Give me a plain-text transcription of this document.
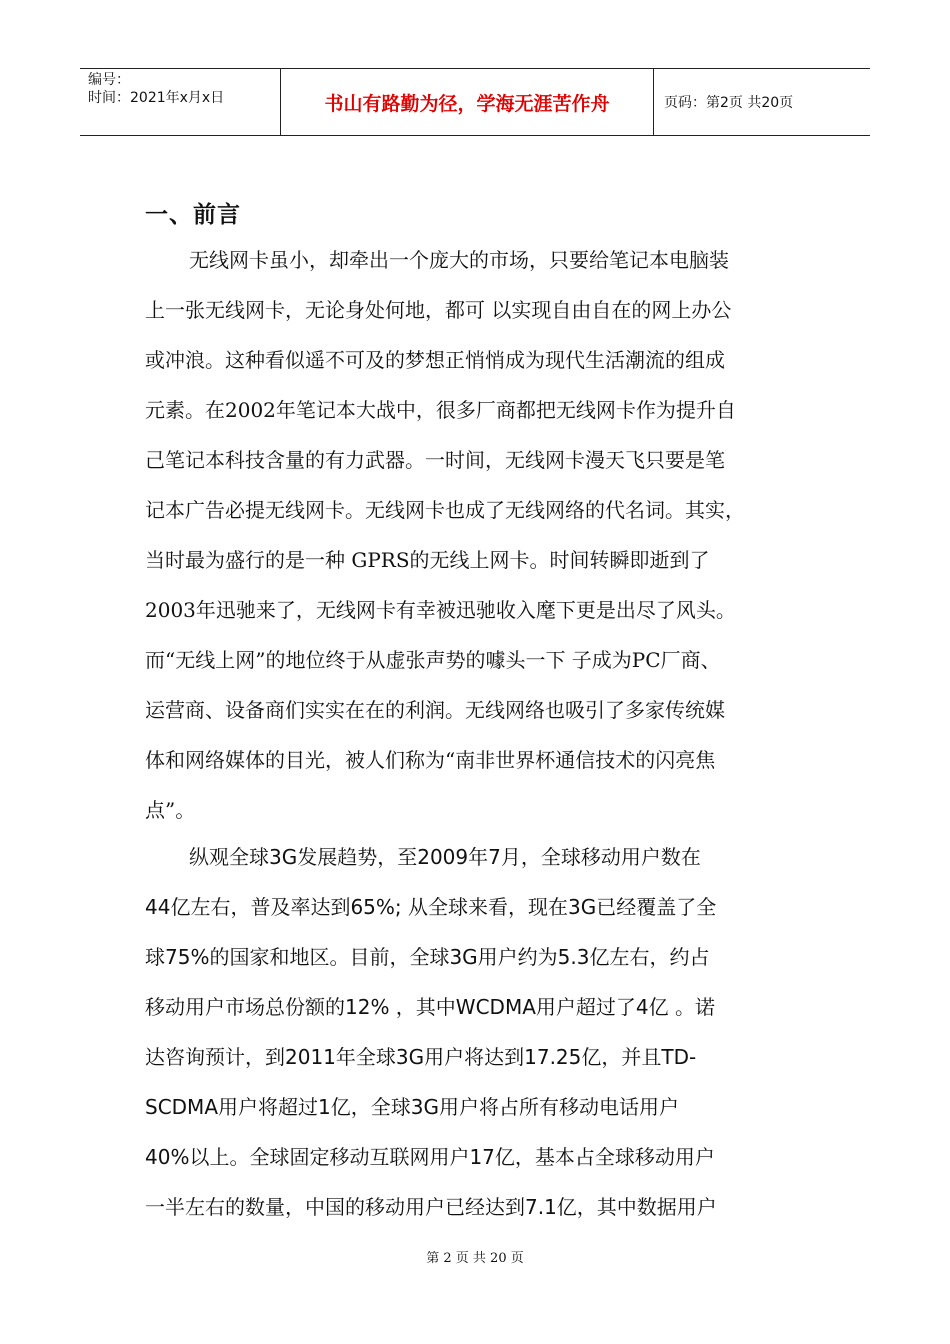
编号：
时间：2021年x月x日	书山有路勤为径，学海无涯苦作舟	页码：第2页 共20页
一、前言
无线网卡虽小，却牵出一个庞大的市场，只要给笔记本电脑装
上一张无线网卡，无论身处何地，都可 以实现自由自在的网上办公
或冲浪。这种看似遥不可及的梦想正悄悄成为现代生活潮流的组成
元素。在2002年笔记本大战中，很多厂商都把无线网卡作为提升自
己笔记本科技含量的有力武器。一时间，无线网卡漫天飞只要是笔
记本广告必提无线网卡。无线网卡也成了无线网络的代名词。其实，
当时最为盛行的是一种 GPRS的无线上网卡。时间转瞬即逝到了
2003年迅驰来了，无线网卡有幸被迅驰收入麾下更是出尽了风头。
而“无线上网”的地位终于从虚张声势的噱头一下 子成为PC厂商、
运营商、设备商们实实在在的利润。无线网络也吸引了多家传统媒
体和网络媒体的目光，被人们称为“南非世界杯通信技术的闪亮焦
点”。
纵观全球3G发展趋势，至2009年7月，全球移动用户数在
44亿左右，普及率达到65%; 从全球来看，现在3G已经覆盖了全
球75%的国家和地区。目前，全球3G用户约为5.3亿左右，约占
移动用户市场总份额的12% ，其中WCDMA用户超过了4亿 。诺
达咨询预计，到2011年全球3G用户将达到17.25亿，并且TD-
SCDMA用户将超过1亿，全球3G用户将占所有移动电话用户
40%以上。全球固定移动互联网用户17亿，基本占全球移动用户
一半左右的数量，中国的移动用户已经达到7.1亿，其中数据用户
第 2 页 共 20 页
